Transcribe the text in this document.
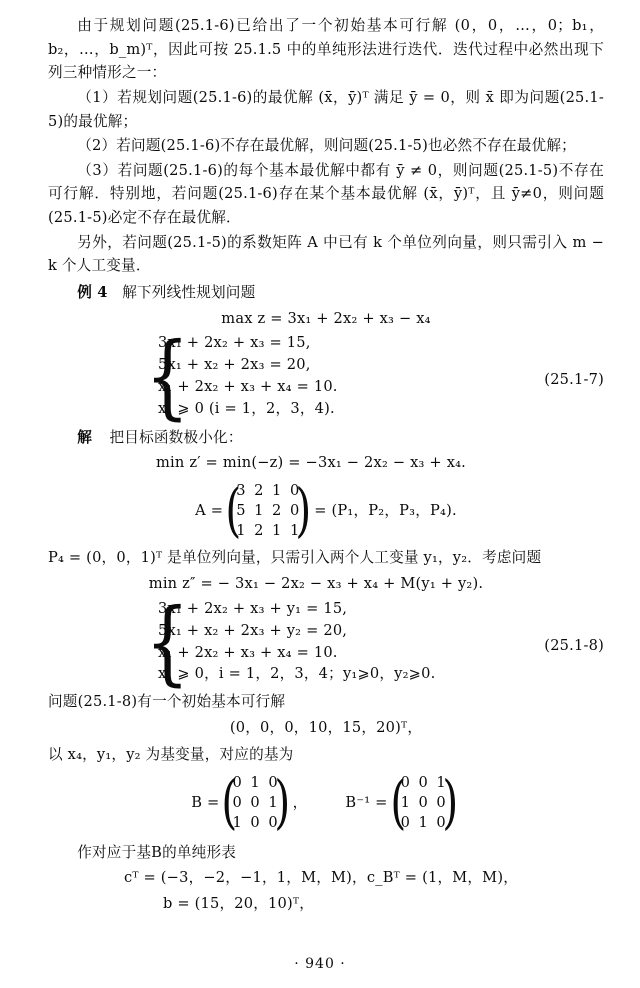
由于规划问题(25.1-6)已给出了一个初始基本可行解 (0，0，…，0；b₁，b₂，…，b_m)ᵀ，因此可按 25.1.5 中的单纯形法进行迭代．迭代过程中必然出现下列三种情形之一：

（1）若规划问题(25.1-6)的最优解 (x̄，ȳ)ᵀ 满足 ȳ = 0，则 x̄ 即为问题(25.1-5)的最优解；

（2）若问题(25.1-6)不存在最优解，则问题(25.1-5)也必然不存在最优解；

（3）若问题(25.1-6)的每个基本最优解中都有 ȳ ≠ 0，则问题(25.1-5)不存在可行解．特别地，若问题(25.1-6)存在某个基本最优解 (x̄，ȳ)ᵀ，且 ȳ≠0，则问题(25.1-5)必定不存在最优解．

另外，若问题(25.1-5)的系数矩阵 A 中已有 k 个单位列向量，则只需引入 m − k 个人工变量．

例 4 解下列线性规划问题

max z = 3x₁ + 2x₂ + x₃ − x₄
{
3x₁ + 2x₂ + x₃ = 15,
5x₁ + x₂ + 2x₃ = 20,
x₁ + 2x₂ + x₃ + x₄ = 10.
x₁ ⩾ 0 (i = 1，2，3，4).
(25.1-7)

解 把目标函数极小化：

min z′ = min(−z) = −3x₁ − 2x₂ − x₃ + x₄.
A = (
3 2 1 0
5 1 2 0
1 2 1 1
) = (P₁，P₂，P₃，P₄).

P₄ = (0，0，1)ᵀ 是单位列向量，只需引入两个人工变量 y₁，y₂．考虑问题

min z″ = − 3x₁ − 2x₂ − x₃ + x₄ + M(y₁ + y₂).
{
3x₁ + 2x₂ + x₃ + y₁ = 15,
5x₁ + x₂ + 2x₃ + y₂ = 20,
x₁ + 2x₂ + x₃ + x₄ = 10.
x₁ ⩾ 0，i = 1，2，3，4；y₁⩾0，y₂⩾0.
(25.1-8)

问题(25.1-8)有一个初始基本可行解

(0，0，0，10，15，20)ᵀ，

以 x₄，y₁，y₂ 为基变量，对应的基为

B = (
0 1 0
0 0 1
1 0 0
) ，	B⁻¹ = (
0 0 1
1 0 0
0 1 0
)

作对应于基B的单纯形表

cᵀ = (−3，−2，−1，1，M，M)，c_Bᵀ = (1，M，M)，
b = (15，20，10)ᵀ，
· 940 ·
